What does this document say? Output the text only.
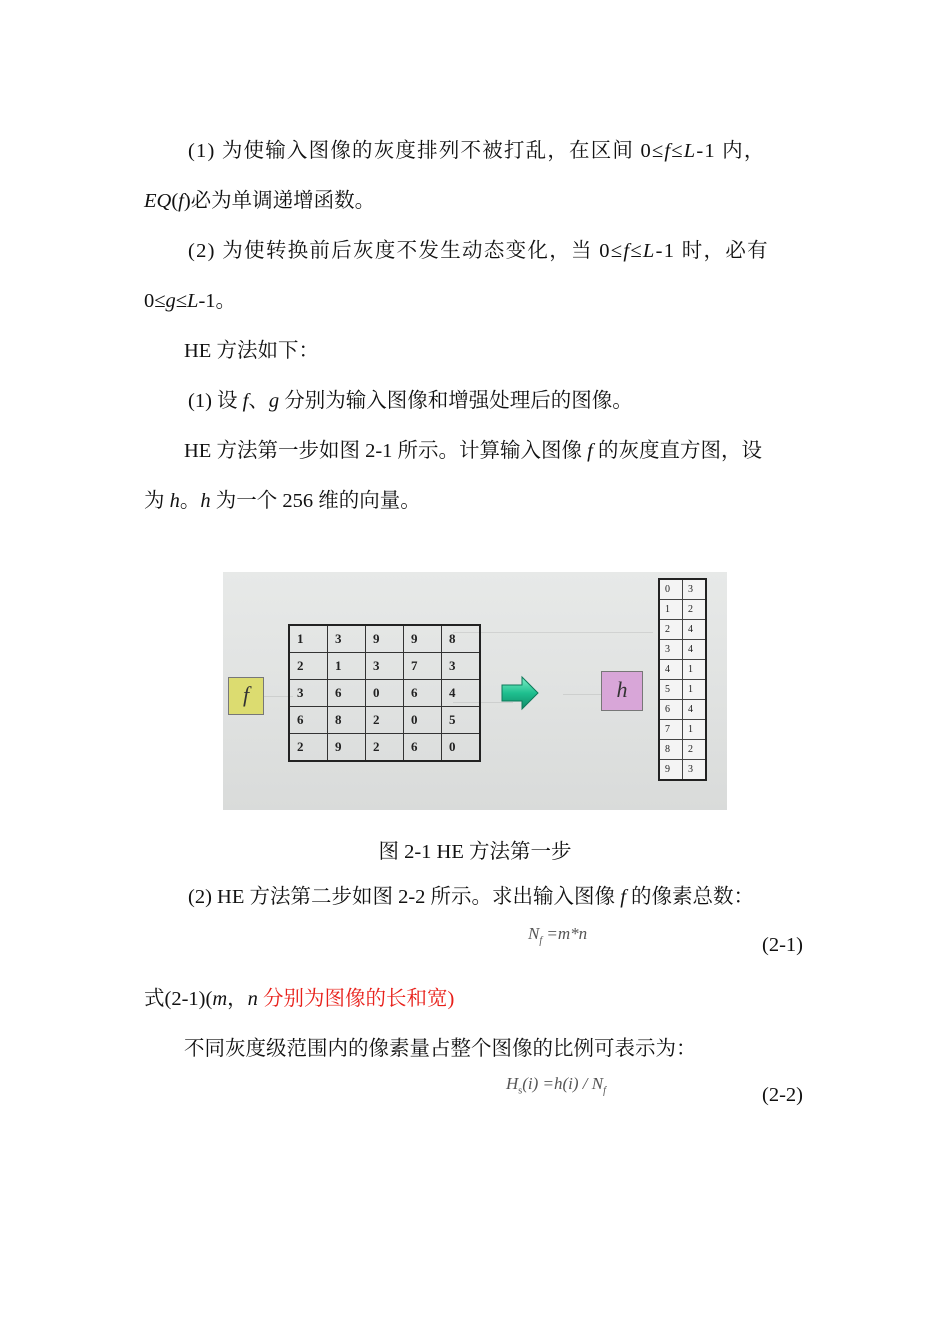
(1) 为使输入图像的灰度排列不被打乱，在区间 0≤f≤L-1 内，
EQ(f)必为单调递增函数。
(2) 为使转换前后灰度不发生动态变化，当 0≤f≤L-1 时，必有
0≤g≤L-1。
HE 方法如下：
(1) 设 f、g 分别为输入图像和增强处理后的图像。
HE 方法第一步如图 2-1 所示。计算输入图像 f 的灰度直方图，设
为 h。h 为一个 256 维的向量。
f
1	3	9	9	8
2	1	3	7	3
3	6	0	6	4
6	8	2	0	5
2	9	2	6	0
h
0	3
1	2
2	4
3	4
4	1
5	1
6	4
7	1
8	2
9	3
图 2-1 HE 方法第一步
(2) HE 方法第二步如图 2-2 所示。求出输入图像 f 的像素总数：
$N_f =m*n$
(2-1)
式(2-1)(m，n 分别为图像的长和宽)
不同灰度级范围内的像素量占整个图像的比例可表示为：
$H_s(i) =h(i) / N_f$	(2-2)
